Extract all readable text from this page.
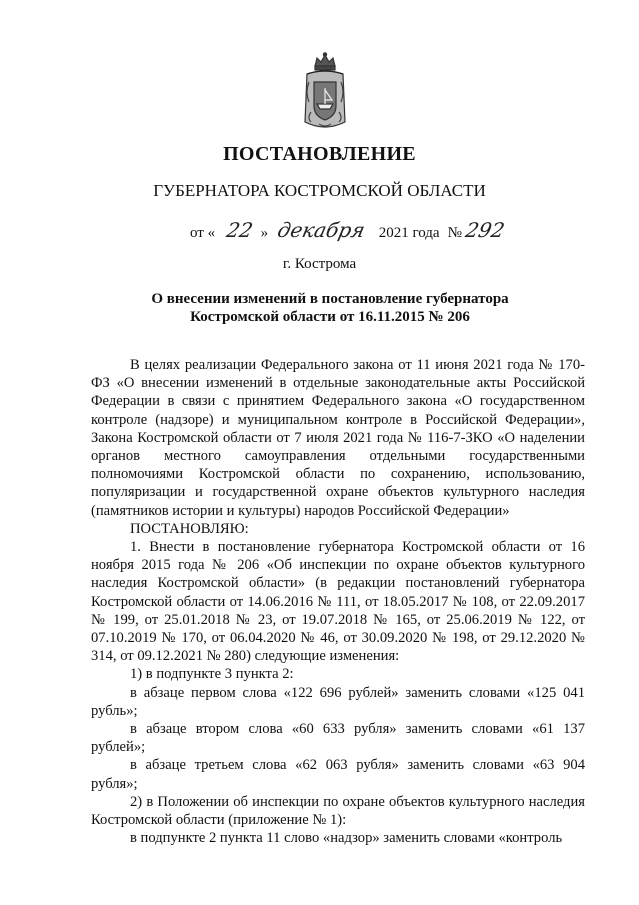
ПОСТАНОВЛЕНИЕ
ГУБЕРНАТОРА КОСТРОМСКОЙ ОБЛАСТИ
от « 22 » декабря 2021 года № 292
г. Кострома
О внесении изменений в постановление губернатора
Костромской области от 16.11.2015 № 206

В целях реализации Федерального закона от 11 июня 2021 года № 170-ФЗ «О внесении изменений в отдельные законодательные акты Российской Федерации в связи с принятием Федерального закона «О государственном контроле (надзоре) и муниципальном контроле в Российской Федерации», Закона Костромской области от 7 июля 2021 года № 116-7-ЗКО «О наделении органов местного самоуправления отдельными государственными полномочиями Костромской области по сохранению, использованию, популяризации и государственной охране объектов культурного наследия (памятников истории и культуры) народов Российской Федерации»

ПОСТАНОВЛЯЮ:

1. Внести в постановление губернатора Костромской области от 16 ноября 2015 года № 206 «Об инспекции по охране объектов культурного наследия Костромской области» (в редакции постановлений губернатора Костромской области от 14.06.2016 № 111, от 18.05.2017 № 108, от 22.09.2017 № 199, от 25.01.2018 № 23, от 19.07.2018 № 165, от 25.06.2019 № 122, от 07.10.2019 № 170, от 06.04.2020 № 46, от 30.09.2020 № 198, от 29.12.2020 № 314, от 09.12.2021 № 280) следующие изменения:

1) в подпункте 3 пункта 2:

в абзаце первом слова «122 696 рублей» заменить словами «125 041 рубль»;

в абзаце втором слова «60 633 рубля» заменить словами «61 137 рублей»;

в абзаце третьем слова «62 063 рубля» заменить словами «63 904 рубля»;

2) в Положении об инспекции по охране объектов культурного наследия Костромской области (приложение № 1):

в подпункте 2 пункта 11 слово «надзор» заменить словами «контроль
